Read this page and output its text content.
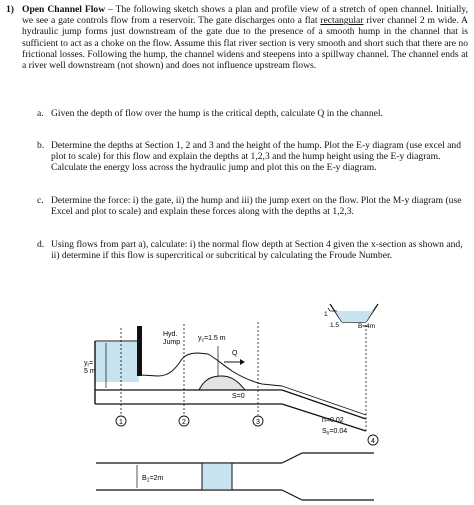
1) Open Channel Flow – The following sketch shows a plan and profile view of a stretch of open channel. Initially, we see a gate controls flow from a reservoir. The gate discharges onto a flat rectangular river channel 2 m wide. A hydraulic jump forms just downstream of the gate due to the presence of a smooth hump in the channel that is sufficient to act as a choke on the flow. Assume this flat river section is very smooth and short such that there are no frictional losses. Following the hump, the channel widens and steepens into a spillway channel. The channel ends at a river well downstream (not shown) and does not influence upstream flows.
a. Given the depth of flow over the hump is the critical depth, calculate Q in the channel.
b. Determine the depths at Section 1, 2 and 3 and the height of the hump. Plot the E-y diagram (use excel and plot to scale) for this flow and explain the depths at 1,2,3 and the hump height using the E-y diagram. Calculate the energy loss across the hydraulic jump and plot this on the E-y diagram.
c. Determine the force: i) the gate, ii) the hump and iii) the jump exert on the flow. Plot the M-y diagram (use Excel and plot to scale) and explain these forces along with the depths at 1,2,3.
d. Using flows from part a), calculate: i) the normal flow depth at Section 4 given the x-section as shown and, ii) determine if this flow is supercritical or subcritical by calculating the Froude Number.
Q
$y_c=1.5$ m
Hyd.
Jump
$y_r=$
5 m
S=0
1	2	3
1
1.5	B=4m
4
n=0.02
$S_o=0.04$
$B_1=2m$
